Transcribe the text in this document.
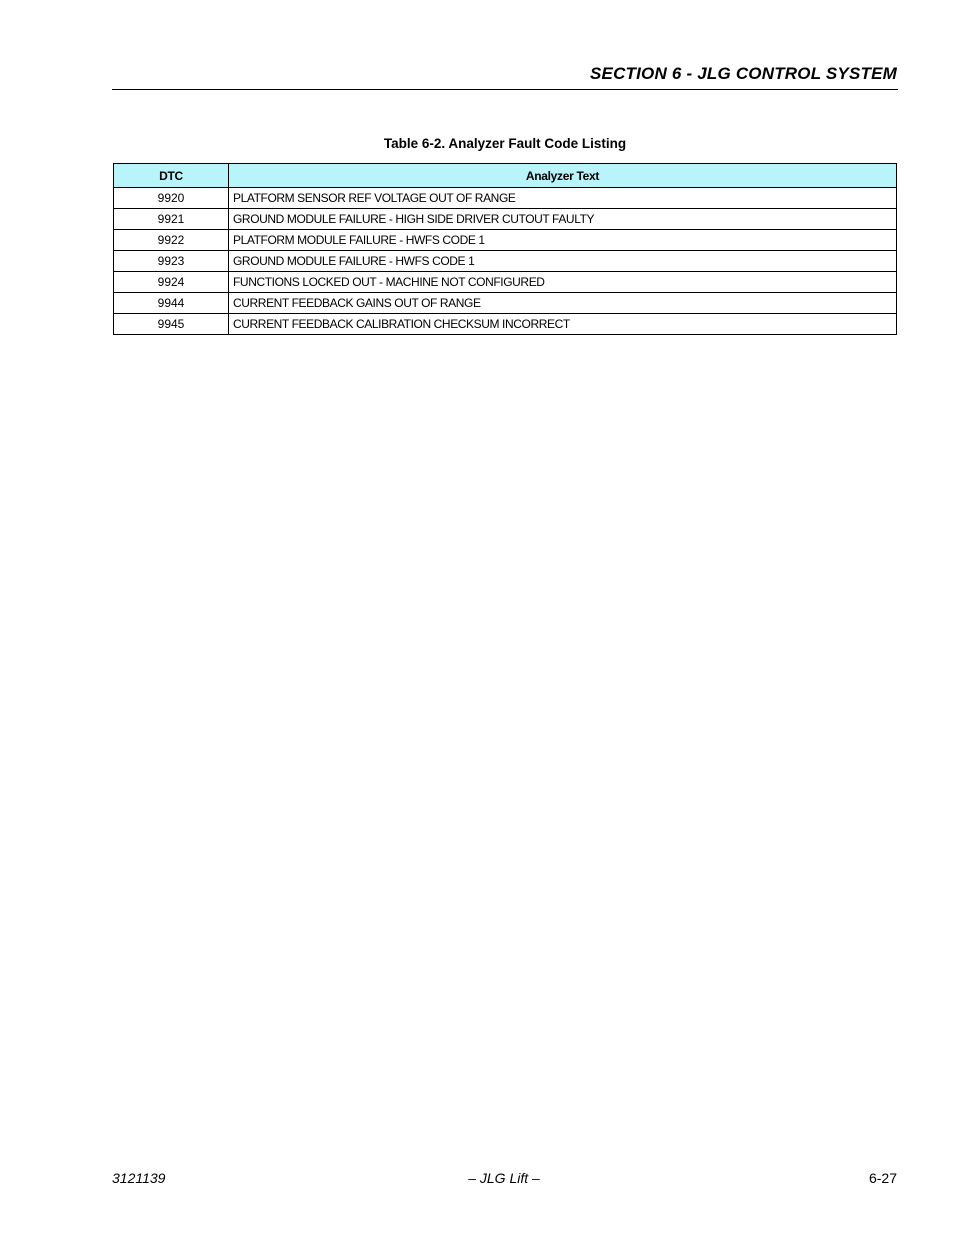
SECTION 6 - JLG CONTROL SYSTEM
Table 6-2. Analyzer Fault Code Listing
DTC	Analyzer Text
9920	PLATFORM SENSOR REF VOLTAGE OUT OF RANGE
9921	GROUND MODULE FAILURE - HIGH SIDE DRIVER CUTOUT FAULTY
9922	PLATFORM MODULE FAILURE - HWFS CODE 1
9923	GROUND MODULE FAILURE - HWFS CODE 1
9924	FUNCTIONS LOCKED OUT - MACHINE NOT CONFIGURED
9944	CURRENT FEEDBACK GAINS OUT OF RANGE
9945	CURRENT FEEDBACK CALIBRATION CHECKSUM INCORRECT
3121139	– JLG Lift –	6-27
